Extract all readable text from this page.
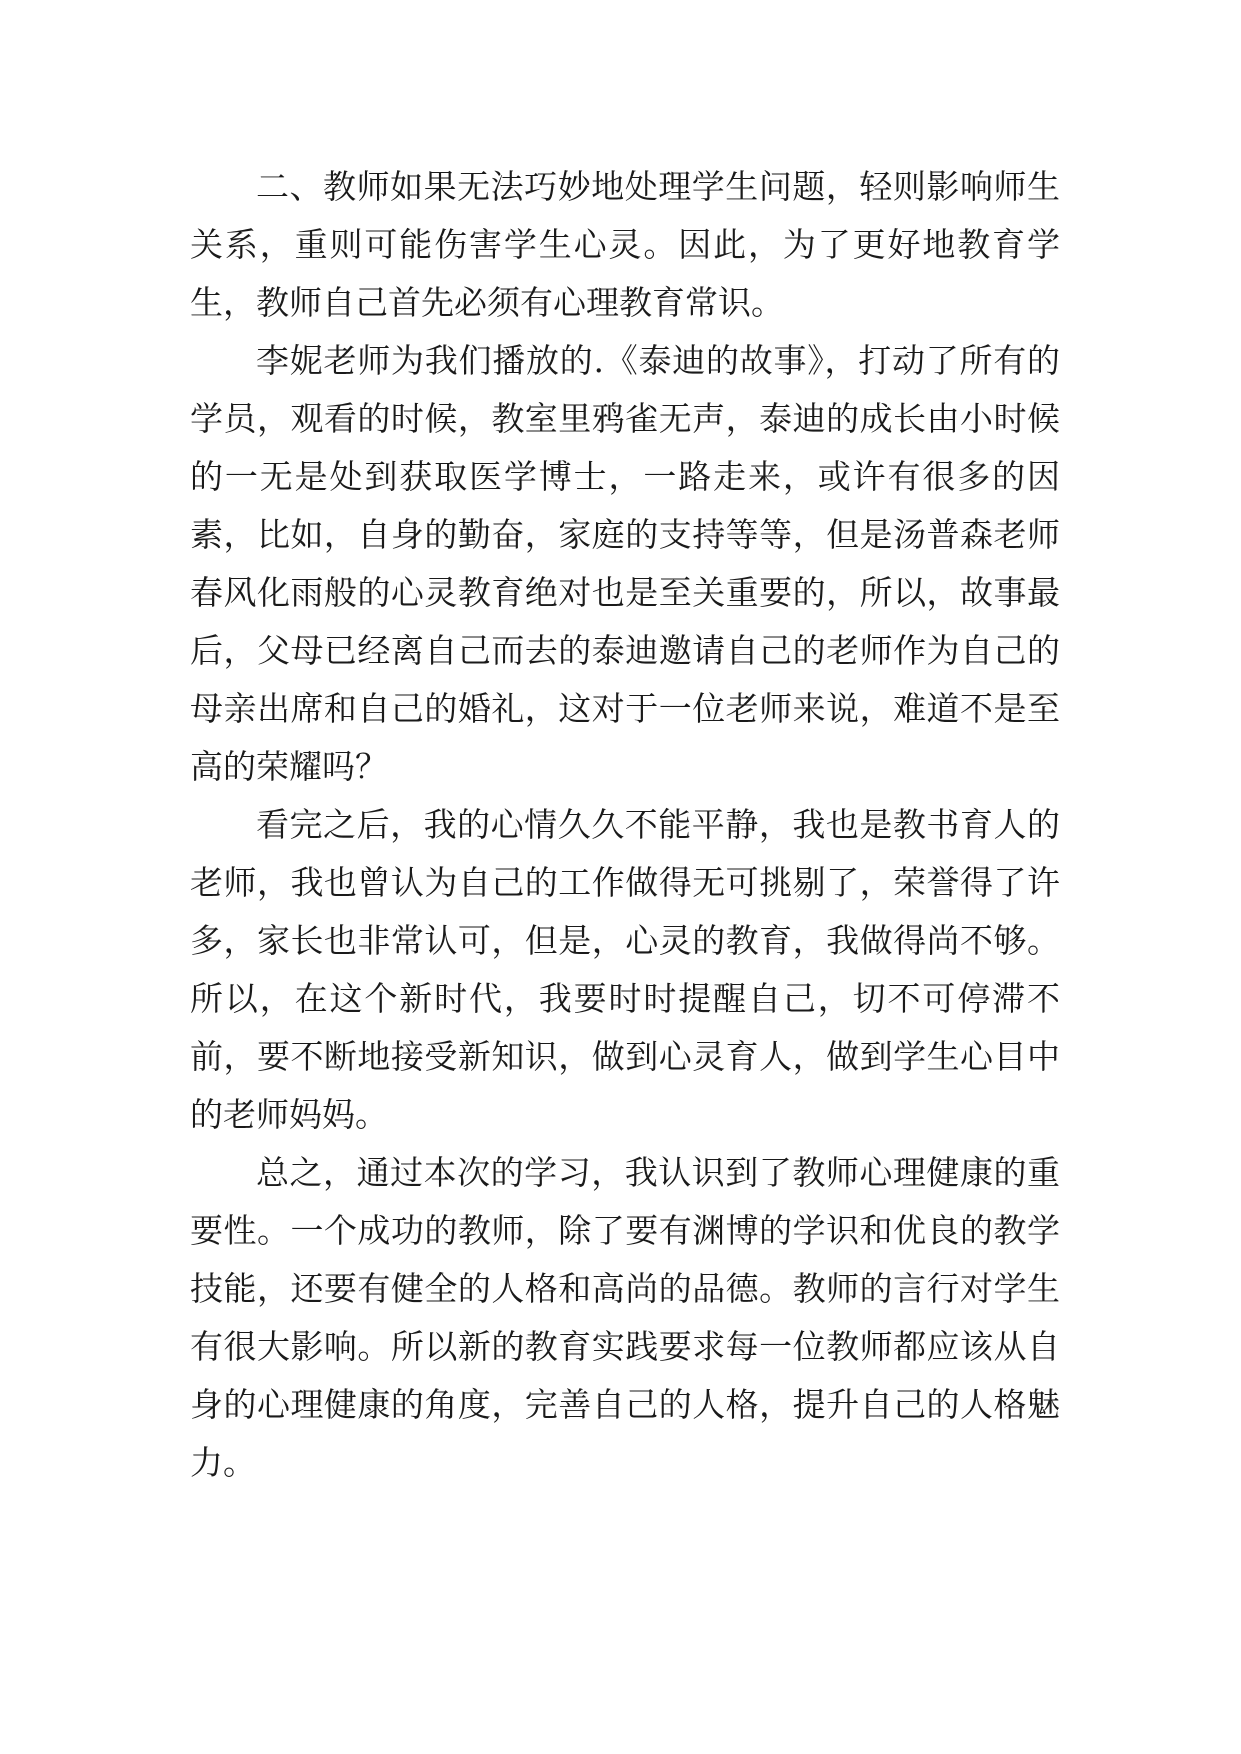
二、教师如果无法巧妙地处理学生问题，轻则影响师生关系，重则可能伤害学生心灵。因此，为了更好地教育学生，教师自己首先必须有心理教育常识。

李妮老师为我们播放的.《泰迪的故事》，打动了所有的学员，观看的时候，教室里鸦雀无声，泰迪的成长由小时候的一无是处到获取医学博士，一路走来，或许有很多的因素，比如，自身的勤奋，家庭的支持等等，但是汤普森老师春风化雨般的心灵教育绝对也是至关重要的，所以，故事最后，父母已经离自己而去的泰迪邀请自己的老师作为自己的母亲出席和自己的婚礼，这对于一位老师来说，难道不是至高的荣耀吗？

看完之后，我的心情久久不能平静，我也是教书育人的老师，我也曾认为自己的工作做得无可挑剔了，荣誉得了许多，家长也非常认可，但是，心灵的教育，我做得尚不够。所以，在这个新时代，我要时时提醒自己，切不可停滞不前，要不断地接受新知识，做到心灵育人，做到学生心目中的老师妈妈。

总之，通过本次的学习，我认识到了教师心理健康的重要性。一个成功的教师，除了要有渊博的学识和优良的教学技能，还要有健全的人格和高尚的品德。教师的言行对学生有很大影响。所以新的教育实践要求每一位教师都应该从自身的心理健康的角度，完善自己的人格，提升自己的人格魅力。
